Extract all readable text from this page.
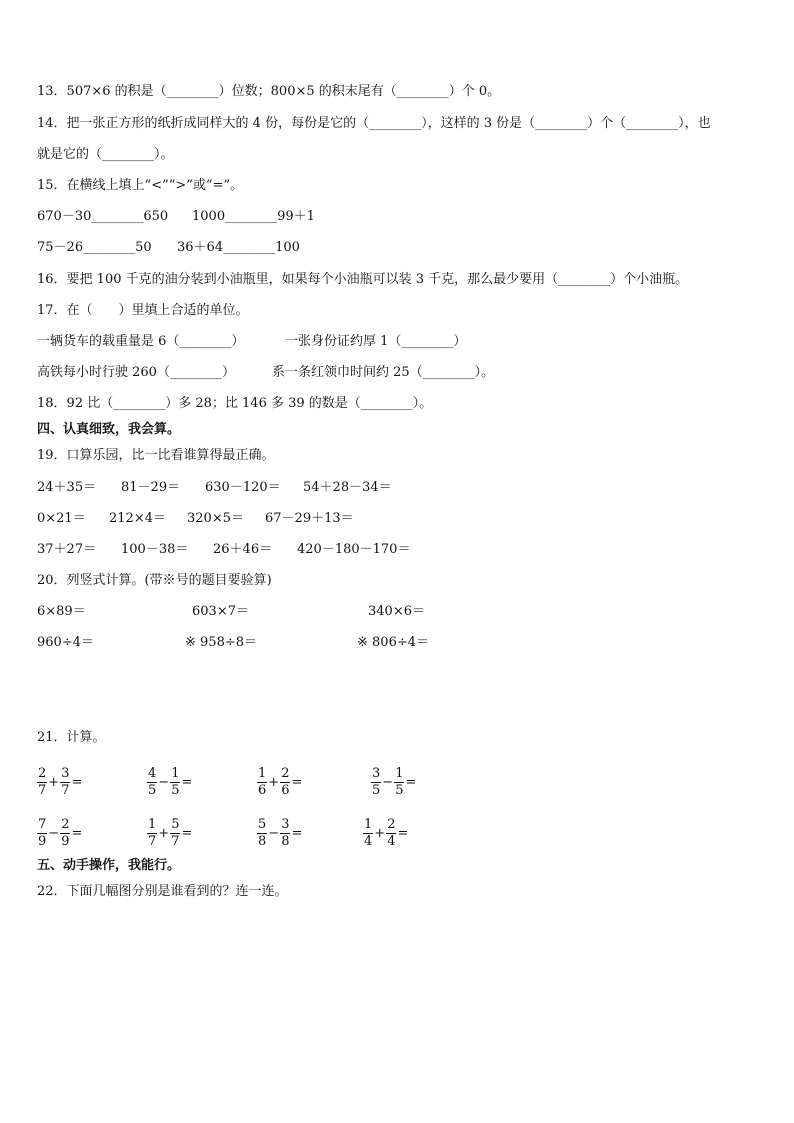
13．507×6 的积是（________）位数；800×5 的积末尾有（________）个 0。
14．把一张正方形的纸折成同样大的 4 份，每份是它的（________），这样的 3 份是（________）个（________），也
就是它的（________）。
15．在横线上填上“<”“>”或“=”。
670－30________650 1000________99＋1
75－26________50 36＋64________100
16．要把 100 千克的油分装到小油瓶里，如果每个小油瓶可以装 3 千克，那么最少要用（________）个小油瓶。
17．在（　　）里填上合适的单位。
一辆货车的载重量是 6（________）	一张身份证约厚 1（________）
高铁每小时行驶 260（________）	系一条红领巾时间约 25（________）。
18．92 比（________）多 28；比 146 多 39 的数是（________）。
四、认真细致，我会算。
19．口算乐园，比一比看谁算得最正确。
24＋35＝ 81－29＝ 630－120＝ 54＋28－34＝
0×21＝ 212×4＝ 320×5＝ 67－29＋13＝
37＋27＝ 100－38＝ 26＋46＝ 420－180－170＝
20．列竖式计算。(带※号的题目要验算)
6×89＝	603×7＝	340×6＝
960÷4＝	※ 958÷8＝	※ 806÷4＝
21．计算。
$\frac{2}{7} + \frac{3}{7}$ =	$\frac{4}{5} - \frac{1}{5}$ =	$\frac{1}{6} + \frac{2}{6}$ =	$\frac{3}{5} - \frac{1}{5}$ =
$\frac{7}{9} - \frac{2}{9}$ =	$\frac{1}{7} + \frac{5}{7}$ =	$\frac{5}{8} - \frac{3}{8}$ =	$\frac{1}{4} + \frac{2}{4}$ =
五、动手操作，我能行。
22．下面几幅图分别是谁看到的？连一连。
